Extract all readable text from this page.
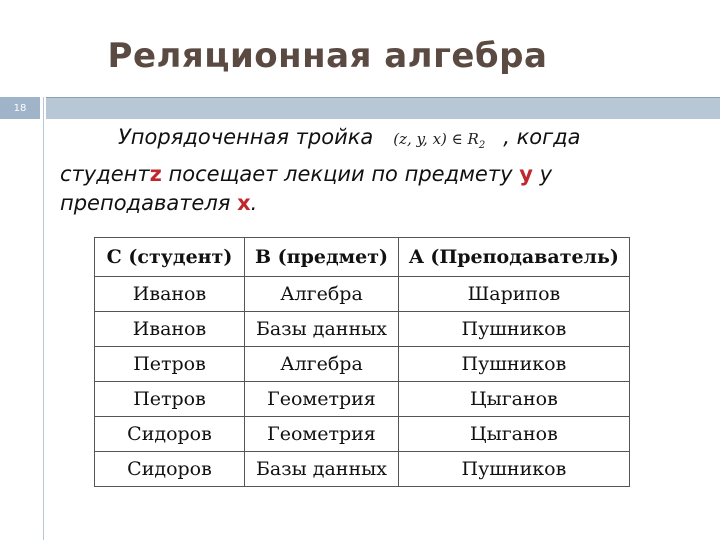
Реляционная алгебра
18
Упорядоченная тройка (z, y, x) ∈ $R_2$ , когда
студентz посещает лекции по предмету y у
преподавателя x.
C (студент)	B (предмет)	A (Преподаватель)
Иванов	Алгебра	Шарипов
Иванов	Базы данных	Пушников
Петров	Алгебра	Пушников
Петров	Геометрия	Цыганов
Сидоров	Геометрия	Цыганов
Сидоров	Базы данных	Пушников
